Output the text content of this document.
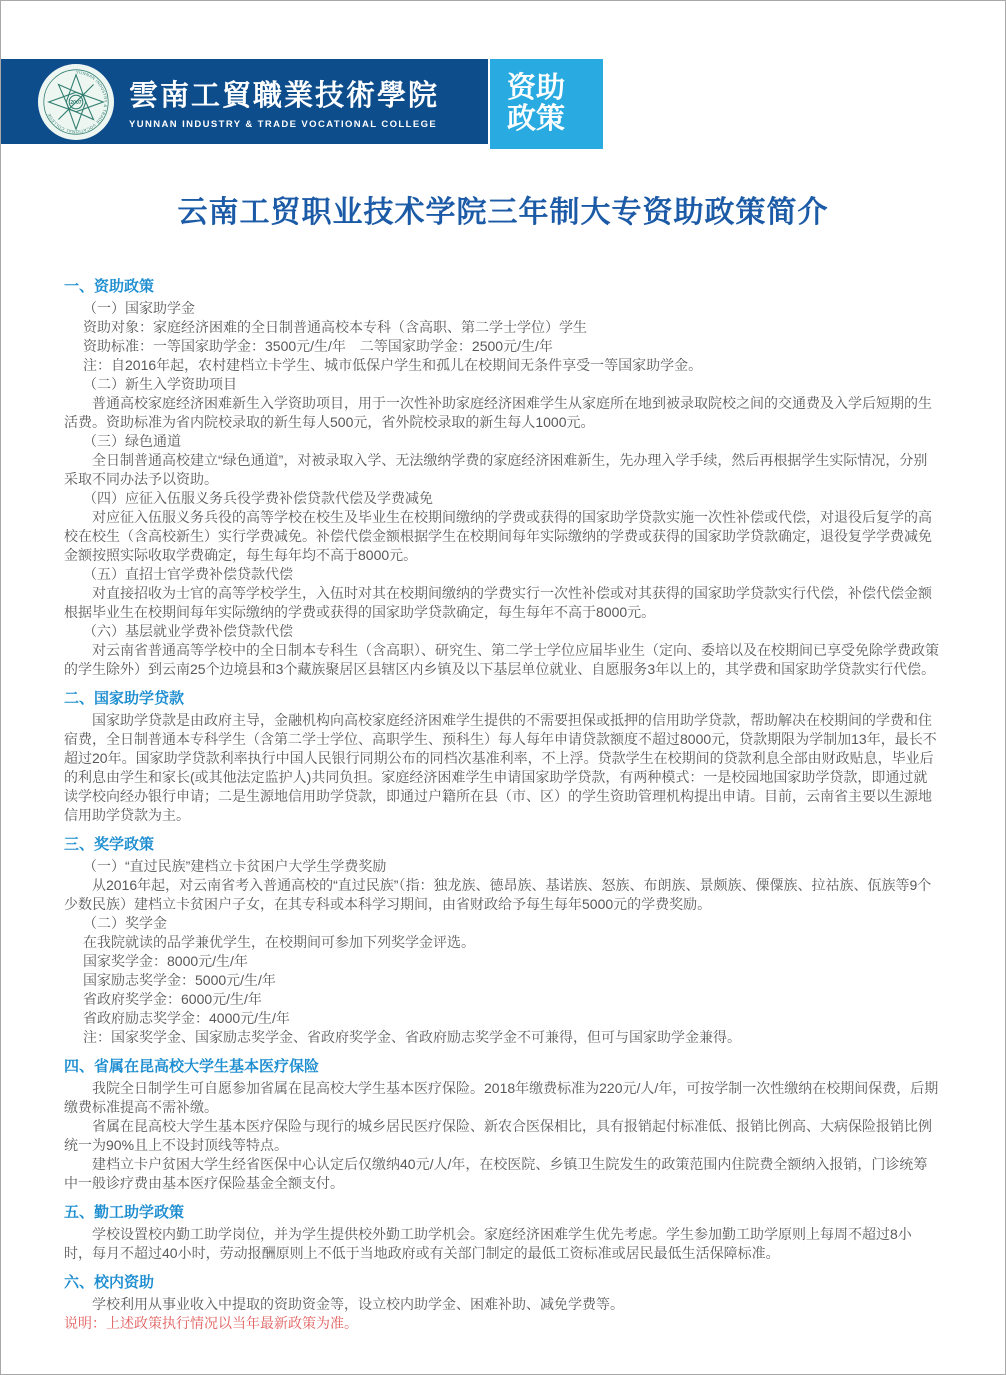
YUNNAN INDUSTRY & TRADE VOCATIONAL COLLEGE
2007 雲南工貿職業技術學院
YUNNAN INDUSTRY & TRADE VOCATIONAL COLLEGE
资助
政策
云南工贸职业技术学院三年制大专资助政策简介
一、资助政策

（一）国家助学金

资助对象：家庭经济困难的全日制普通高校本专科（含高职、第二学士学位）学生

资助标准：一等国家助学金：3500元/生/年　二等国家助学金：2500元/生/年

注：自2016年起，农村建档立卡学生、城市低保户学生和孤儿在校期间无条件享受一等国家助学金。

（二）新生入学资助项目

普通高校家庭经济困难新生入学资助项目，用于一次性补助家庭经济困难学生从家庭所在地到被录取院校之间的交通费及入学后短期的生活费。资助标准为省内院校录取的新生每人500元，省外院校录取的新生每人1000元。

（三）绿色通道

全日制普通高校建立“绿色通道”，对被录取入学、无法缴纳学费的家庭经济困难新生，先办理入学手续，然后再根据学生实际情况，分别采取不同办法予以资助。

（四）应征入伍服义务兵役学费补偿贷款代偿及学费减免

对应征入伍服义务兵役的高等学校在校生及毕业生在校期间缴纳的学费或获得的国家助学贷款实施一次性补偿或代偿，对退役后复学的高校在校生（含高校新生）实行学费减免。补偿代偿金额根据学生在校期间每年实际缴纳的学费或获得的国家助学贷款确定，退役复学学费减免金额按照实际收取学费确定，每生每年均不高于8000元。

（五）直招士官学费补偿贷款代偿

对直接招收为士官的高等学校学生，入伍时对其在校期间缴纳的学费实行一次性补偿或对其获得的国家助学贷款实行代偿，补偿代偿金额根据毕业生在校期间每年实际缴纳的学费或获得的国家助学贷款确定，每生每年不高于8000元。

（六）基层就业学费补偿贷款代偿

对云南省普通高等学校中的全日制本专科生（含高职）、研究生、第二学士学位应届毕业生（定向、委培以及在校期间已享受免除学费政策的学生除外）到云南25个边境县和3个藏族聚居区县辖区内乡镇及以下基层单位就业、自愿服务3年以上的，其学费和国家助学贷款实行代偿。

二、国家助学贷款

国家助学贷款是由政府主导，金融机构向高校家庭经济困难学生提供的不需要担保或抵押的信用助学贷款，帮助解决在校期间的学费和住宿费，全日制普通本专科学生（含第二学士学位、高职学生、预科生）每人每年申请贷款额度不超过8000元，贷款期限为学制加13年，最长不超过20年。国家助学贷款利率执行中国人民银行同期公布的同档次基准利率，不上浮。贷款学生在校期间的贷款利息全部由财政贴息，毕业后的利息由学生和家长(或其他法定监护人)共同负担。家庭经济困难学生申请国家助学贷款，有两种模式：一是校园地国家助学贷款，即通过就读学校向经办银行申请；二是生源地信用助学贷款，即通过户籍所在县（市、区）的学生资助管理机构提出申请。目前，云南省主要以生源地信用助学贷款为主。

三、奖学政策

（一）“直过民族”建档立卡贫困户大学生学费奖励

从2016年起，对云南省考入普通高校的“直过民族”（指：独龙族、德昂族、基诺族、怒族、布朗族、景颇族、傈僳族、拉祜族、佤族等9个少数民族）建档立卡贫困户子女，在其专科或本科学习期间，由省财政给予每生每年5000元的学费奖励。

（二）奖学金

在我院就读的品学兼优学生，在校期间可参加下列奖学金评选。

国家奖学金：8000元/生/年

国家励志奖学金：5000元/生/年

省政府奖学金：6000元/生/年

省政府励志奖学金：4000元/生/年

注：国家奖学金、国家励志奖学金、省政府奖学金、省政府励志奖学金不可兼得，但可与国家助学金兼得。

四、省属在昆高校大学生基本医疗保险

我院全日制学生可自愿参加省属在昆高校大学生基本医疗保险。2018年缴费标准为220元/人/年，可按学制一次性缴纳在校期间保费，后期缴费标准提高不需补缴。

省属在昆高校大学生基本医疗保险与现行的城乡居民医疗保险、新农合医保相比，具有报销起付标准低、报销比例高、大病保险报销比例统一为90%且上不设封顶线等特点。

建档立卡户贫困大学生经省医保中心认定后仅缴纳40元/人/年，在校医院、乡镇卫生院发生的政策范围内住院费全额纳入报销，门诊统筹中一般诊疗费由基本医疗保险基金全额支付。

五、勤工助学政策

学校设置校内勤工助学岗位，并为学生提供校外勤工助学机会。家庭经济困难学生优先考虑。学生参加勤工助学原则上每周不超过8小时，每月不超过40小时，劳动报酬原则上不低于当地政府或有关部门制定的最低工资标准或居民最低生活保障标准。

六、校内资助

学校利用从事业收入中提取的资助资金等，设立校内助学金、困难补助、减免学费等。

说明：上述政策执行情况以当年最新政策为准。
